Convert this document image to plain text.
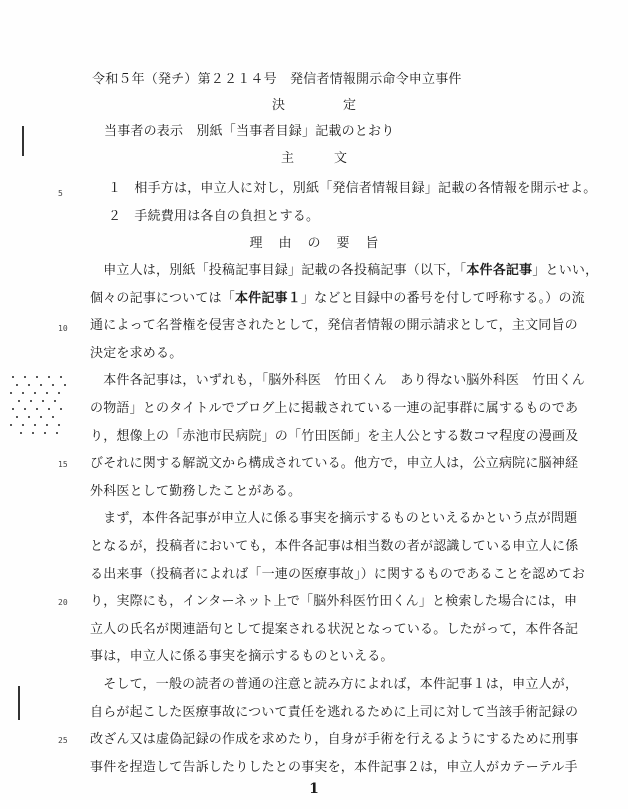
令和５年（発チ）第２２１４号　発信者情報開示命令申立事件
決定
当事者の表示　別紙「当事者目録」記載のとおり
主文
１　相手方は，申立人に対し，別紙「発信者情報目録」記載の各情報を開示せよ。
２　手続費用は各自の負担とする。
理由の要旨
　申立人は，別紙「投稿記事目録」記載の各投稿記事（以下，「本件各記事」といい，
個々の記事については「本件記事１」などと目録中の番号を付して呼称する。）の流
通によって名誉権を侵害されたとして，発信者情報の開示請求として，主文同旨の
決定を求める。
　本件各記事は，いずれも，「脳外科医　竹田くん　あり得ない脳外科医　竹田くん
の物語」とのタイトルでブログ上に掲載されている一連の記事群に属するものであ
り，想像上の「赤池市民病院」の「竹田医師」を主人公とする数コマ程度の漫画及
びそれに関する解説文から構成されている。他方で，申立人は，公立病院に脳神経
外科医として勤務したことがある。
　まず，本件各記事が申立人に係る事実を摘示するものといえるかという点が問題
となるが，投稿者においても，本件各記事は相当数の者が認識している申立人に係
る出来事（投稿者によれば「一連の医療事故」）に関するものであることを認めてお
り，実際にも，インターネット上で「脳外科医竹田くん」と検索した場合には，申
立人の氏名が関連語句として提案される状況となっている。したがって，本件各記
事は，申立人に係る事実を摘示するものといえる。
　そして，一般の読者の普通の注意と読み方によれば，本件記事１は，申立人が，
自らが起こした医療事故について責任を逃れるために上司に対して当該手術記録の
改ざん又は虚偽記録の作成を求めたり，自身が手術を行えるようにするために刑事
事件を捏造して告訴したりしたとの事実を，本件記事２は，申立人がカテーテル手
5
10
15
20
25
1
